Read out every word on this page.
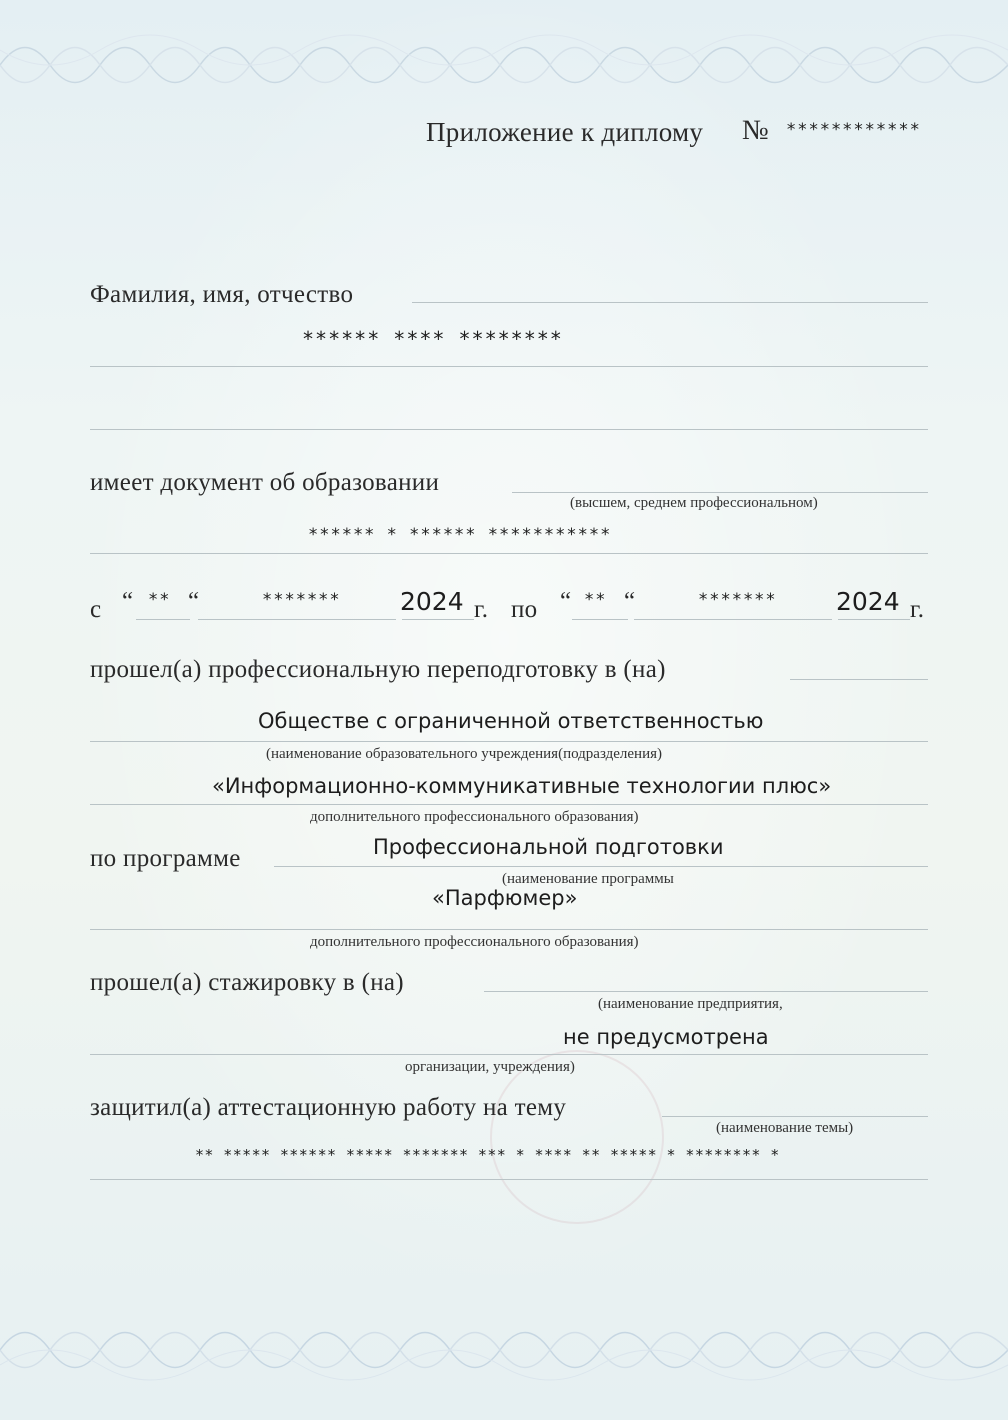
Приложение к диплому № ************
Фамилия, имя, отчество
****** **** ********
имеет документ об образовании
(высшем, среднем профессиональном)
****** * ****** ***********
с “ ** “	******* 2024 г. по “ ** “	******* 2024 г.
прошел(а) профессиональную переподготовку в (на)
Обществе с ограниченной ответственностью
(наименование образовательного учреждения(подразделения)
«Информационно-коммуникативные технологии плюс»
дополнительного профессионального образования)
по программе	Профессиональной подготовки
(наименование программы
«Парфюмер»
дополнительного профессионального образования)
прошел(а) стажировку в (на)
(наименование предприятия,
не предусмотрена
организации, учреждения)
защитил(а) аттестационную работу на тему
(наименование темы)
** ***** ****** ***** ******* *** * **** ** ***** * ******** *
